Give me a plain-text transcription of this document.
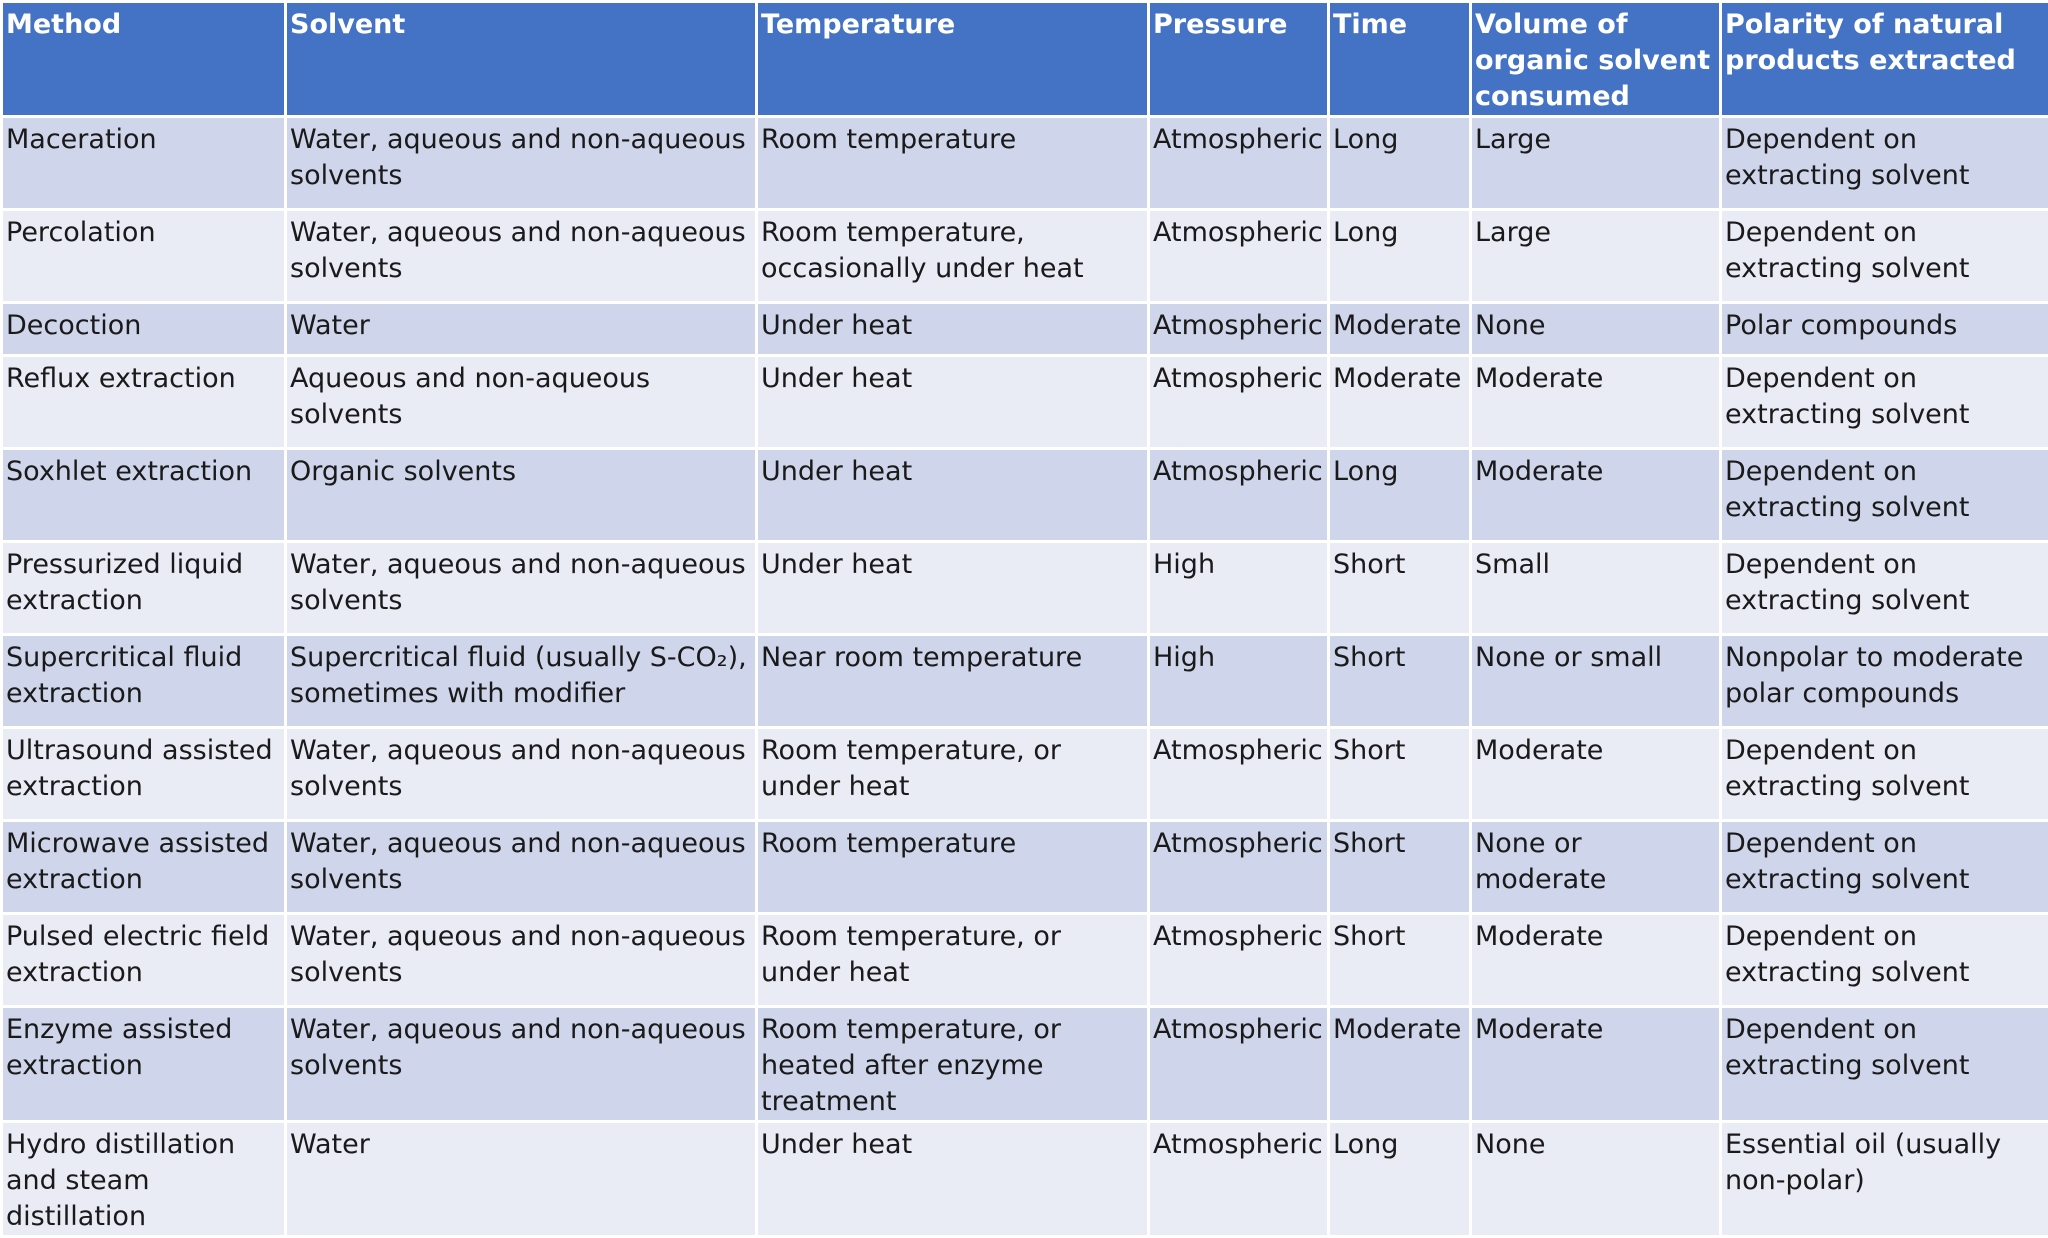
Method	Solvent	Temperature	Pressure	Time	Volume of organic solvent consumed	Polarity of natural products extracted
Maceration	Water, aqueous and non-aqueous solvents	Room temperature	Atmospheric	Long	Large	Dependent on extracting solvent
Percolation	Water, aqueous and non-aqueous solvents	Room temperature, occasionally under heat	Atmospheric	Long	Large	Dependent on extracting solvent
Decoction	Water	Under heat	Atmospheric	Moderate	None	Polar compounds
Reflux extraction	Aqueous and non-aqueous solvents	Under heat	Atmospheric	Moderate	Moderate	Dependent on extracting solvent
Soxhlet extraction	Organic solvents	Under heat	Atmospheric	Long	Moderate	Dependent on extracting solvent
Pressurized liquid extraction	Water, aqueous and non-aqueous solvents	Under heat	High	Short	Small	Dependent on extracting solvent
Supercritical fluid extraction	Supercritical fluid (usually S-CO₂), sometimes with modifier	Near room temperature	High	Short	None or small	Nonpolar to moderate polar compounds
Ultrasound assisted extraction	Water, aqueous and non-aqueous solvents	Room temperature, or under heat	Atmospheric	Short	Moderate	Dependent on extracting solvent
Microwave assisted extraction	Water, aqueous and non-aqueous solvents	Room temperature	Atmospheric	Short	None or moderate	Dependent on extracting solvent
Pulsed electric field extraction	Water, aqueous and non-aqueous solvents	Room temperature, or under heat	Atmospheric	Short	Moderate	Dependent on extracting solvent
Enzyme assisted extraction	Water, aqueous and non-aqueous solvents	Room temperature, or heated after enzyme treatment	Atmospheric	Moderate	Moderate	Dependent on extracting solvent
Hydro distillation and steam distillation	Water	Under heat	Atmospheric	Long	None	Essential oil (usually non-polar)
